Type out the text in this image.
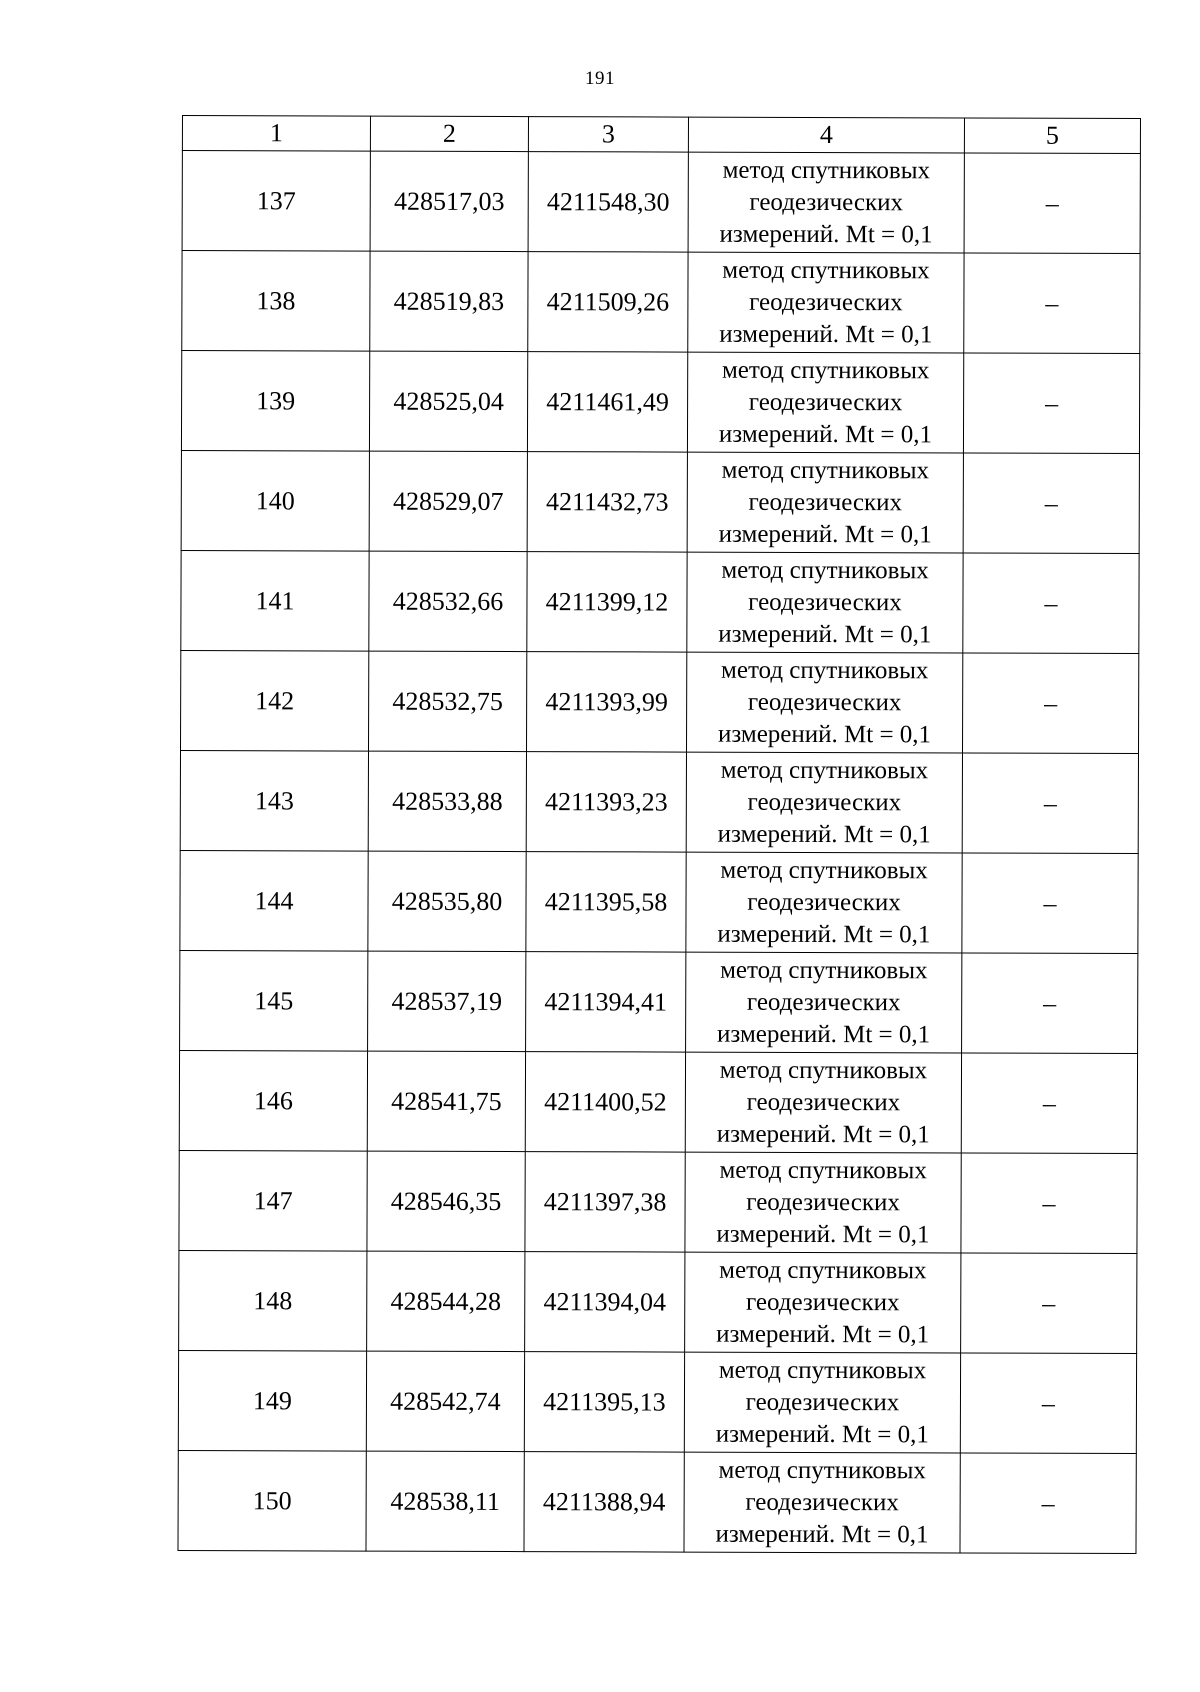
191
1	2	3	4	5
137	428517,03	4211548,30	метод спутниковых
геодезических
измерений. Mt = 0,1	–
138	428519,83	4211509,26	метод спутниковых
геодезических
измерений. Mt = 0,1	–
139	428525,04	4211461,49	метод спутниковых
геодезических
измерений. Mt = 0,1	–
140	428529,07	4211432,73	метод спутниковых
геодезических
измерений. Mt = 0,1	–
141	428532,66	4211399,12	метод спутниковых
геодезических
измерений. Mt = 0,1	–
142	428532,75	4211393,99	метод спутниковых
геодезических
измерений. Mt = 0,1	–
143	428533,88	4211393,23	метод спутниковых
геодезических
измерений. Mt = 0,1	–
144	428535,80	4211395,58	метод спутниковых
геодезических
измерений. Mt = 0,1	–
145	428537,19	4211394,41	метод спутниковых
геодезических
измерений. Mt = 0,1	–
146	428541,75	4211400,52	метод спутниковых
геодезических
измерений. Mt = 0,1	–
147	428546,35	4211397,38	метод спутниковых
геодезических
измерений. Mt = 0,1	–
148	428544,28	4211394,04	метод спутниковых
геодезических
измерений. Mt = 0,1	–
149	428542,74	4211395,13	метод спутниковых
геодезических
измерений. Mt = 0,1	–
150	428538,11	4211388,94	метод спутниковых
геодезических
измерений. Mt = 0,1	–
